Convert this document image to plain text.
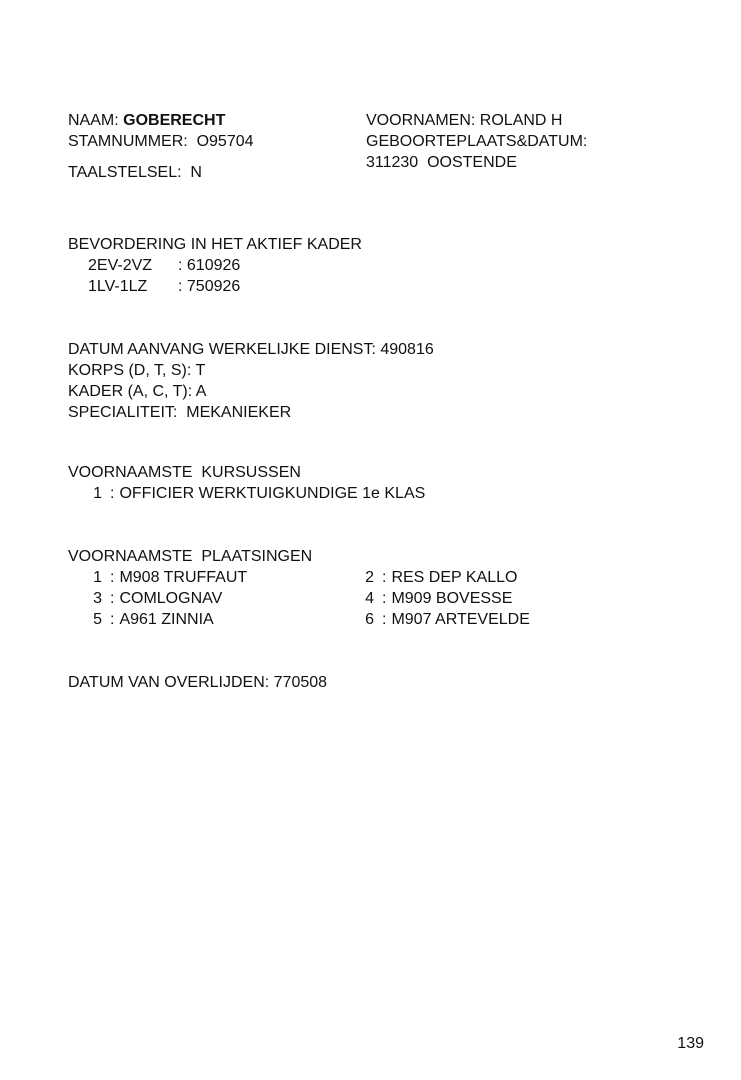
NAAM: GOBERECHT
STAMNUMMER:  O95704
TAALSTELSEL:  N
VOORNAMEN: ROLAND H
GEBOORTEPLAATS&DATUM:
311230  OOSTENDE
BEVORDERING IN HET AKTIEF KADER
2EV-2VZ	: 610926
1LV-1LZ	: 750926
DATUM AANVANG WERKELIJKE DIENST: 490816
KORPS (D, T, S): T
KADER (A, C, T): A
SPECIALITEIT:  MEKANIEKER
VOORNAAMSTE  KURSUSSEN
1 : OFFICIER WERKTUIGKUNDIGE 1e KLAS
VOORNAAMSTE  PLAATSINGEN
1 : M908 TRUFFAUT
3 : COMLOGNAV
5 : A961 ZINNIA
2 : RES DEP KALLO
4 : M909 BOVESSE
6 : M907 ARTEVELDE
DATUM VAN OVERLIJDEN: 770508
139
